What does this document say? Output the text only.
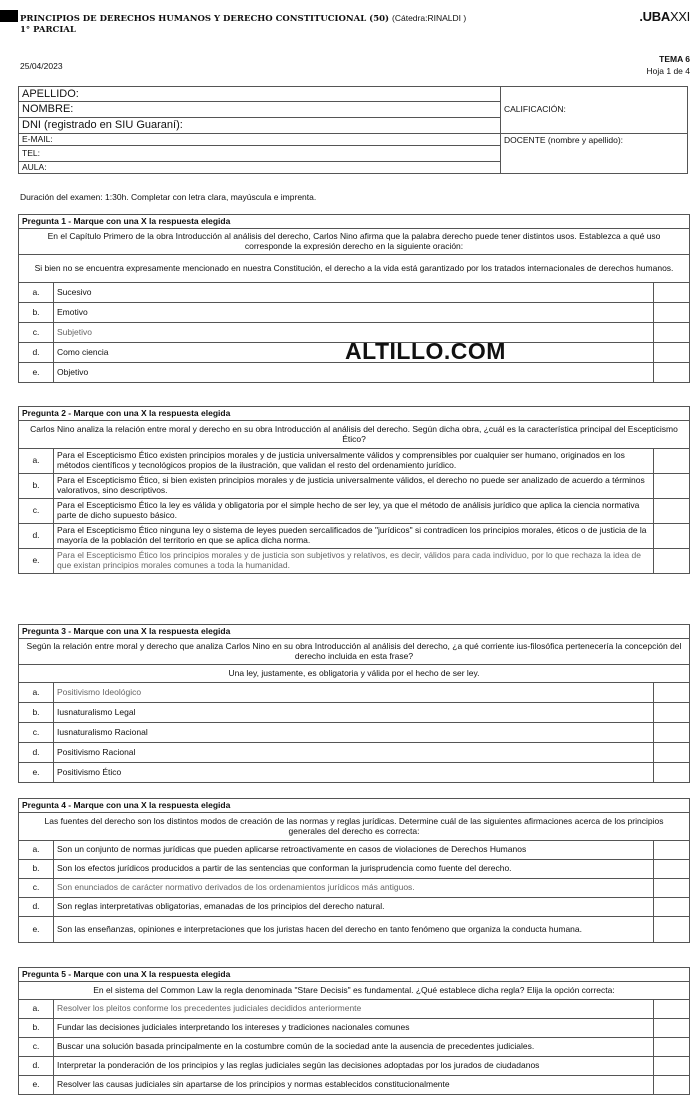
PRINCIPIOS DE DERECHOS HUMANOS Y DERECHO CONSTITUCIONAL (50) (Cátedra:RINALDI )
1° PARCIAL
25/04/2023
.UBAXXI
TEMA 6
Hoja 1 de 4
APELLIDO:	CALIFICACIÓN:
NOMBRE:	
DNI (registrado en SIU Guaraní):	
E-MAIL:	DOCENTE (nombre y apellido):
TEL:	
AULA:	
Duración del examen: 1:30h. Completar con letra clara, mayúscula e imprenta.
Pregunta 1 - Marque con una X la respuesta elegida		
En el Capítulo Primero de la obra Introducción al análisis del derecho, Carlos Nino afirma que la palabra derecho puede tener distintos usos. Establezca a qué uso corresponde la expresión derecho en la siguiente oración:		
Si bien no se encuentra expresamente mencionado en nuestra Constitución, el derecho a la vida está garantizado por los tratados internacionales de derechos humanos.		
a.	Sucesivo	
b.	Emotivo	
c.	Subjetivo	
d.	Como ciencia	
e.	Objetivo	
ALTILLO.COM
Pregunta 2 - Marque con una X la respuesta elegida		
Carlos Nino analiza la relación entre moral y derecho en su obra Introducción al análisis del derecho. Según dicha obra, ¿cuál es la característica principal del Escepticismo Ético?		
a.	Para el Escepticismo Ético existen principios morales y de justicia universalmente válidos y comprensibles por cualquier ser humano, originados en los métodos científicos y tecnológicos propios de la ilustración, que validan el resto del ordenamiento jurídico.	
b.	Para el Escepticismo Ético, si bien existen principios morales y de justicia universalmente válidos, el derecho no puede ser analizado de acuerdo a términos valorativos, sino descriptivos.	
c.	Para el Escepticismo Ético la ley es válida y obligatoria por el simple hecho de ser ley, ya que el método de análisis jurídico que aplica la ciencia normativa parte de dicho supuesto básico.	
d.	Para el Escepticismo Ético ninguna ley o sistema de leyes pueden sercalificados de "jurídicos" si contradicen los principios morales, éticos o de justicia de la mayoría de la población del territorio en que se aplica dicha norma.	
e.	Para el Escepticismo Ético los principios morales y de justicia son subjetivos y relativos, es decir, válidos para cada individuo, por lo que rechaza la idea de que existan principios morales comunes a toda la humanidad.	
Pregunta 3 - Marque con una X la respuesta elegida		
Según la relación entre moral y derecho que analiza Carlos Nino en su obra Introducción al análisis del derecho, ¿a qué corriente ius-filosófica pertenecería la concepción del derecho incluida en esta frase?		
Una ley, justamente, es obligatoria y válida por el hecho de ser ley.		
a.	Positivismo Ideológico	
b.	Iusnaturalismo Legal	
c.	Iusnaturalismo Racional	
d.	Positivismo Racional	
e.	Positivismo Ético	
Pregunta 4 - Marque con una X la respuesta elegida		
Las fuentes del derecho son los distintos modos de creación de las normas y reglas jurídicas. Determine cuál de las siguientes afirmaciones acerca de los principios generales del derecho es correcta:		
a.	Son un conjunto de normas jurídicas que pueden aplicarse retroactivamente en casos de violaciones de Derechos Humanos	
b.	Son los efectos jurídicos producidos a partir de las sentencias que conforman la jurisprudencia como fuente del derecho.	
c.	Son enunciados de carácter normativo derivados de los ordenamientos jurídicos más antiguos.	
d.	Son reglas interpretativas obligatorias, emanadas de los principios del derecho natural.	
e.	Son las enseñanzas, opiniones e interpretaciones que los juristas hacen del derecho en tanto fenómeno que organiza la conducta humana.	
Pregunta 5 - Marque con una X la respuesta elegida		
En el sistema del Common Law la regla denominada "Stare Decisis" es fundamental. ¿Qué establece dicha regla? Elija la opción correcta:		
a.	Resolver los pleitos conforme los precedentes judiciales decididos anteriormente	
b.	Fundar las decisiones judiciales interpretando los intereses y tradiciones nacionales comunes	
c.	Buscar una solución basada principalmente en la costumbre común de la sociedad ante la ausencia de precedentes judiciales.	
d.	Interpretar la ponderación de los principios y las reglas judiciales según las decisiones adoptadas por los jurados de ciudadanos	
e.	Resolver las causas judiciales sin apartarse de los principios y normas establecidos constitucionalmente	
